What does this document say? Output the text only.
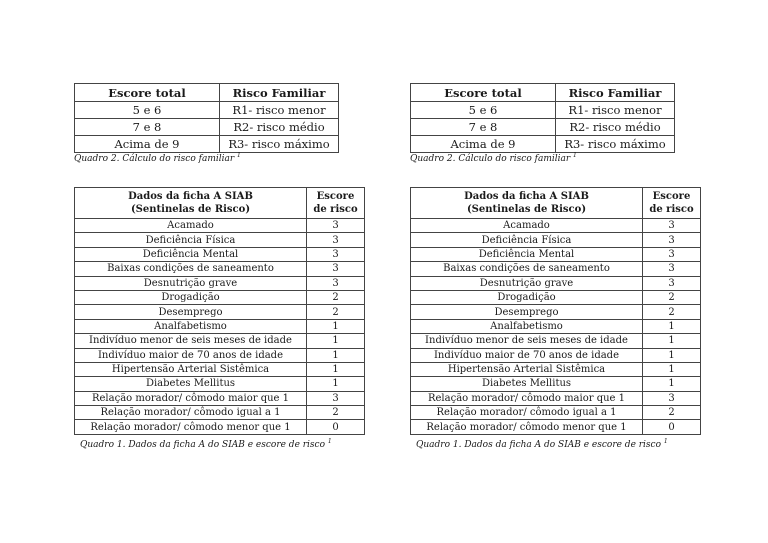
Escore total	Risco Familiar
5 e 6	R1- risco menor
7 e 8	R2- risco médio
Acima de 9	R3- risco máximo
Quadro 2. Cálculo do risco familiar $^1$
Dados da ficha A SIAB
(Sentinelas de Risco)	Escore
de risco
Acamado	3
Deficiência Física	3
Deficiência Mental	3
Baixas condições de saneamento	3
Desnutrição grave	3
Drogadição	2
Desemprego	2
Analfabetismo	1
Indivíduo menor de seis meses de idade	1
Indivíduo maior de 70 anos de idade	1
Hipertensão Arterial Sistêmica	1
Diabetes Mellitus	1
Relação morador/ cômodo maior que 1	3
Relação morador/ cômodo igual a 1	2
Relação morador/ cômodo menor que 1	0
Quadro 1. Dados da ficha A do SIAB e escore de risco $^1$
Escore total	Risco Familiar
5 e 6	R1- risco menor
7 e 8	R2- risco médio
Acima de 9	R3- risco máximo
Quadro 2. Cálculo do risco familiar $^1$
Dados da ficha A SIAB
(Sentinelas de Risco)	Escore
de risco
Acamado	3
Deficiência Física	3
Deficiência Mental	3
Baixas condições de saneamento	3
Desnutrição grave	3
Drogadição	2
Desemprego	2
Analfabetismo	1
Indivíduo menor de seis meses de idade	1
Indivíduo maior de 70 anos de idade	1
Hipertensão Arterial Sistêmica	1
Diabetes Mellitus	1
Relação morador/ cômodo maior que 1	3
Relação morador/ cômodo igual a 1	2
Relação morador/ cômodo menor que 1	0
Quadro 1. Dados da ficha A do SIAB e escore de risco $^1$
